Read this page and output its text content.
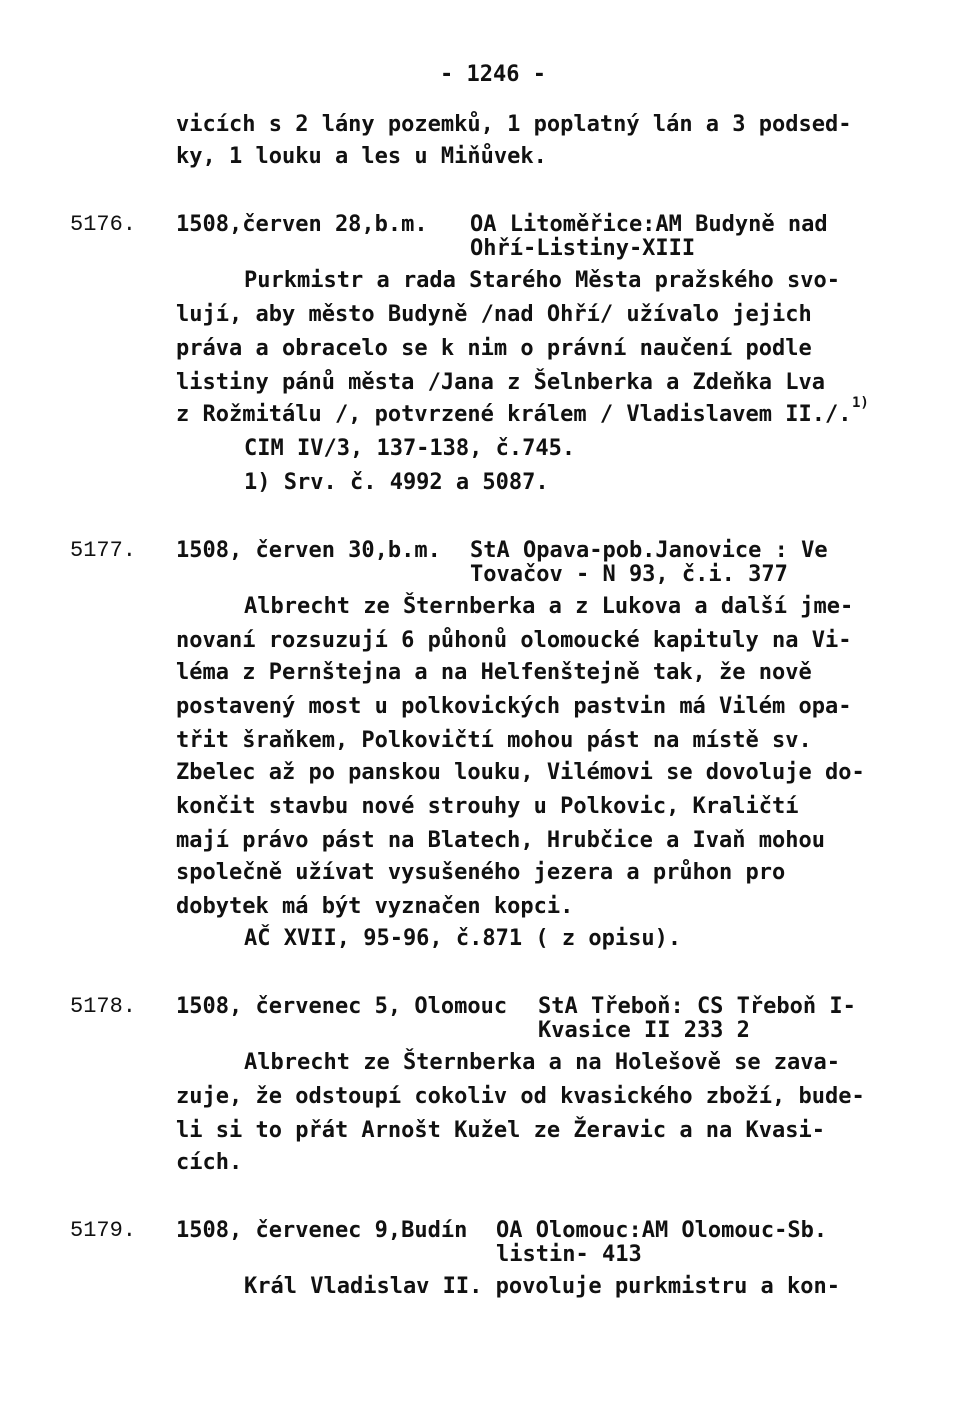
- 1246 -
vicích s 2 lány pozemků, 1 poplatný lán a 3 podsed-
ky, 1 louku a les u Miňůvek.
5176. 1508,červen 28,b.m. OA Litoměřice:AM Budyně nad
Ohří-Listiny-XIII
Purkmistr a rada Starého Města pražského svo-
lují, aby město Budyně /nad Ohří/ užívalo jejich
práva a obracelo se k nim o právní naučení podle
listiny pánů města /Jana z Šelnberka a Zdeňka Lva
z Rožmitálu /, potvrzené králem / Vladislavem II./. 1)
CIM IV/3, 137-138, č.745.
1) Srv. č. 4992 a 5087.
5177. 1508, červen 30,b.m. StA Opava-pob.Janovice : Ve
Tovačov - N 93, č.i. 377
Albrecht ze Šternberka a z Lukova a další jme-
novaní rozsuzují 6 půhonů olomoucké kapituly na Vi-
léma z Pernštejna a na Helfenštejně tak, že nově
postavený most u polkovických pastvin má Vilém opa-
třit šraňkem, Polkovičtí mohou pást na místě sv.
Zbelec až po panskou louku, Vilémovi se dovoluje do-
končit stavbu nové strouhy u Polkovic, Kraličtí
mají právo pást na Blatech, Hrubčice a Ivaň mohou
společně užívat vysušeného jezera a průhon pro
dobytek má být vyznačen kopci.
AČ XVII, 95-96, č.871 ( z opisu).
5178. 1508, červenec 5, Olomouc StA Třeboň: CS Třeboň I-
Kvasice II 233 2
Albrecht ze Šternberka a na Holešově se zava-
zuje, že odstoupí cokoliv od kvasického zboží, bude-
li si to přát Arnošt Kužel ze Žeravic a na Kvasi-
cích.
5179. 1508, červenec 9,Budín OA Olomouc:AM Olomouc-Sb.
listin- 413
Král Vladislav II. povoluje purkmistru a kon-
